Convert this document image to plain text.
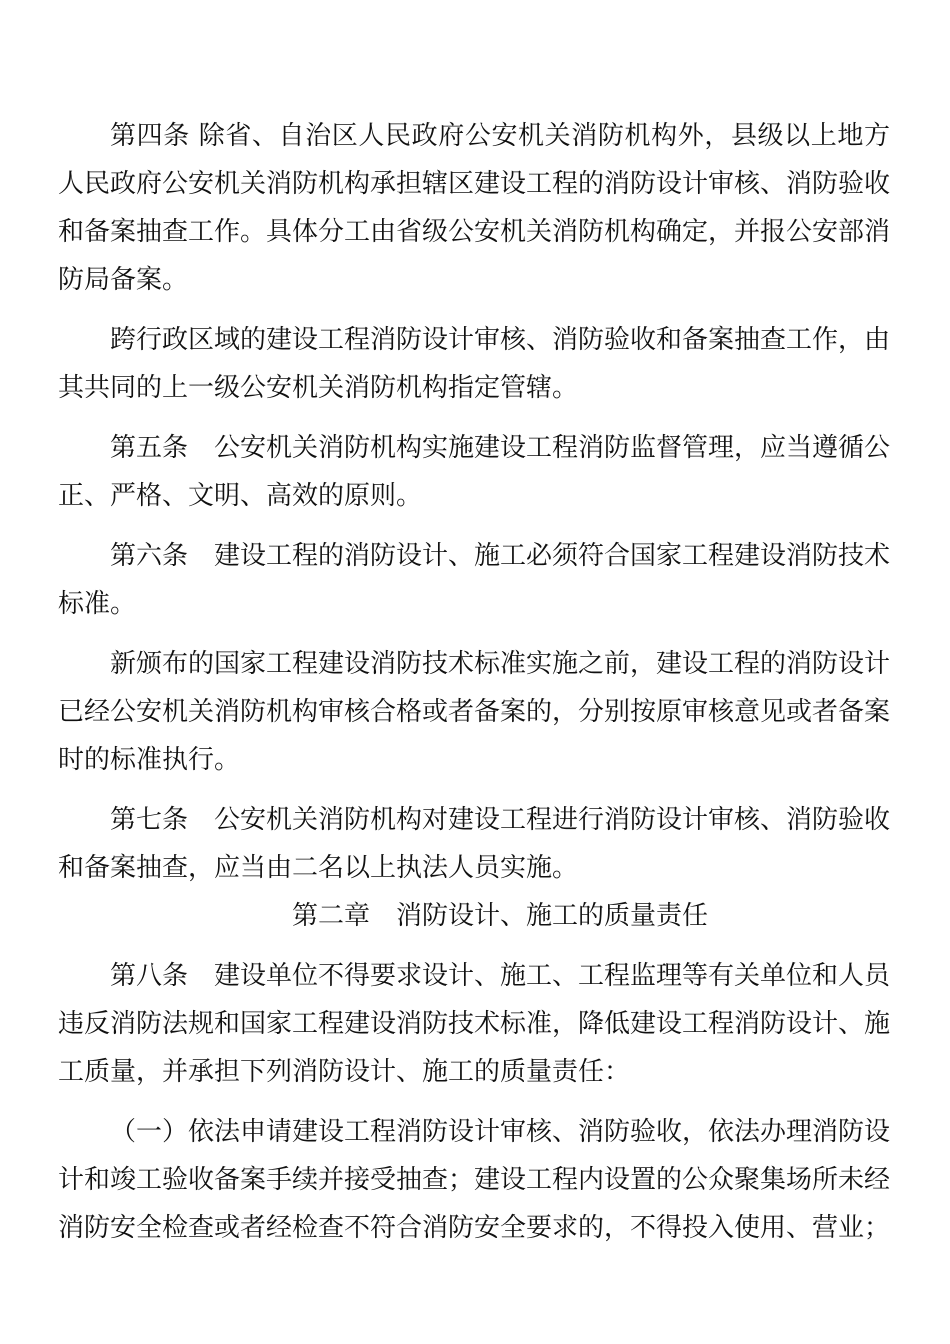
第四条 除省、自治区人民政府公安机关消防机构外，县级以上地方人民政府公安机关消防机构承担辖区建设工程的消防设计审核、消防验收和备案抽查工作。具体分工由省级公安机关消防机构确定，并报公安部消防局备案。

跨行政区域的建设工程消防设计审核、消防验收和备案抽查工作，由其共同的上一级公安机关消防机构指定管辖。

第五条　公安机关消防机构实施建设工程消防监督管理，应当遵循公正、严格、文明、高效的原则。

第六条　建设工程的消防设计、施工必须符合国家工程建设消防技术标准。

新颁布的国家工程建设消防技术标准实施之前，建设工程的消防设计已经公安机关消防机构审核合格或者备案的，分别按原审核意见或者备案时的标准执行。

第七条　公安机关消防机构对建设工程进行消防设计审核、消防验收和备案抽查，应当由二名以上执法人员实施。

第二章　消防设计、施工的质量责任

第八条　建设单位不得要求设计、施工、工程监理等有关单位和人员违反消防法规和国家工程建设消防技术标准，降低建设工程消防设计、施工质量，并承担下列消防设计、施工的质量责任：

（一）依法申请建设工程消防设计审核、消防验收，依法办理消防设计和竣工验收备案手续并接受抽查；建设工程内设置的公众聚集场所未经消防安全检查或者经检查不符合消防安全要求的，不得投入使用、营业；
